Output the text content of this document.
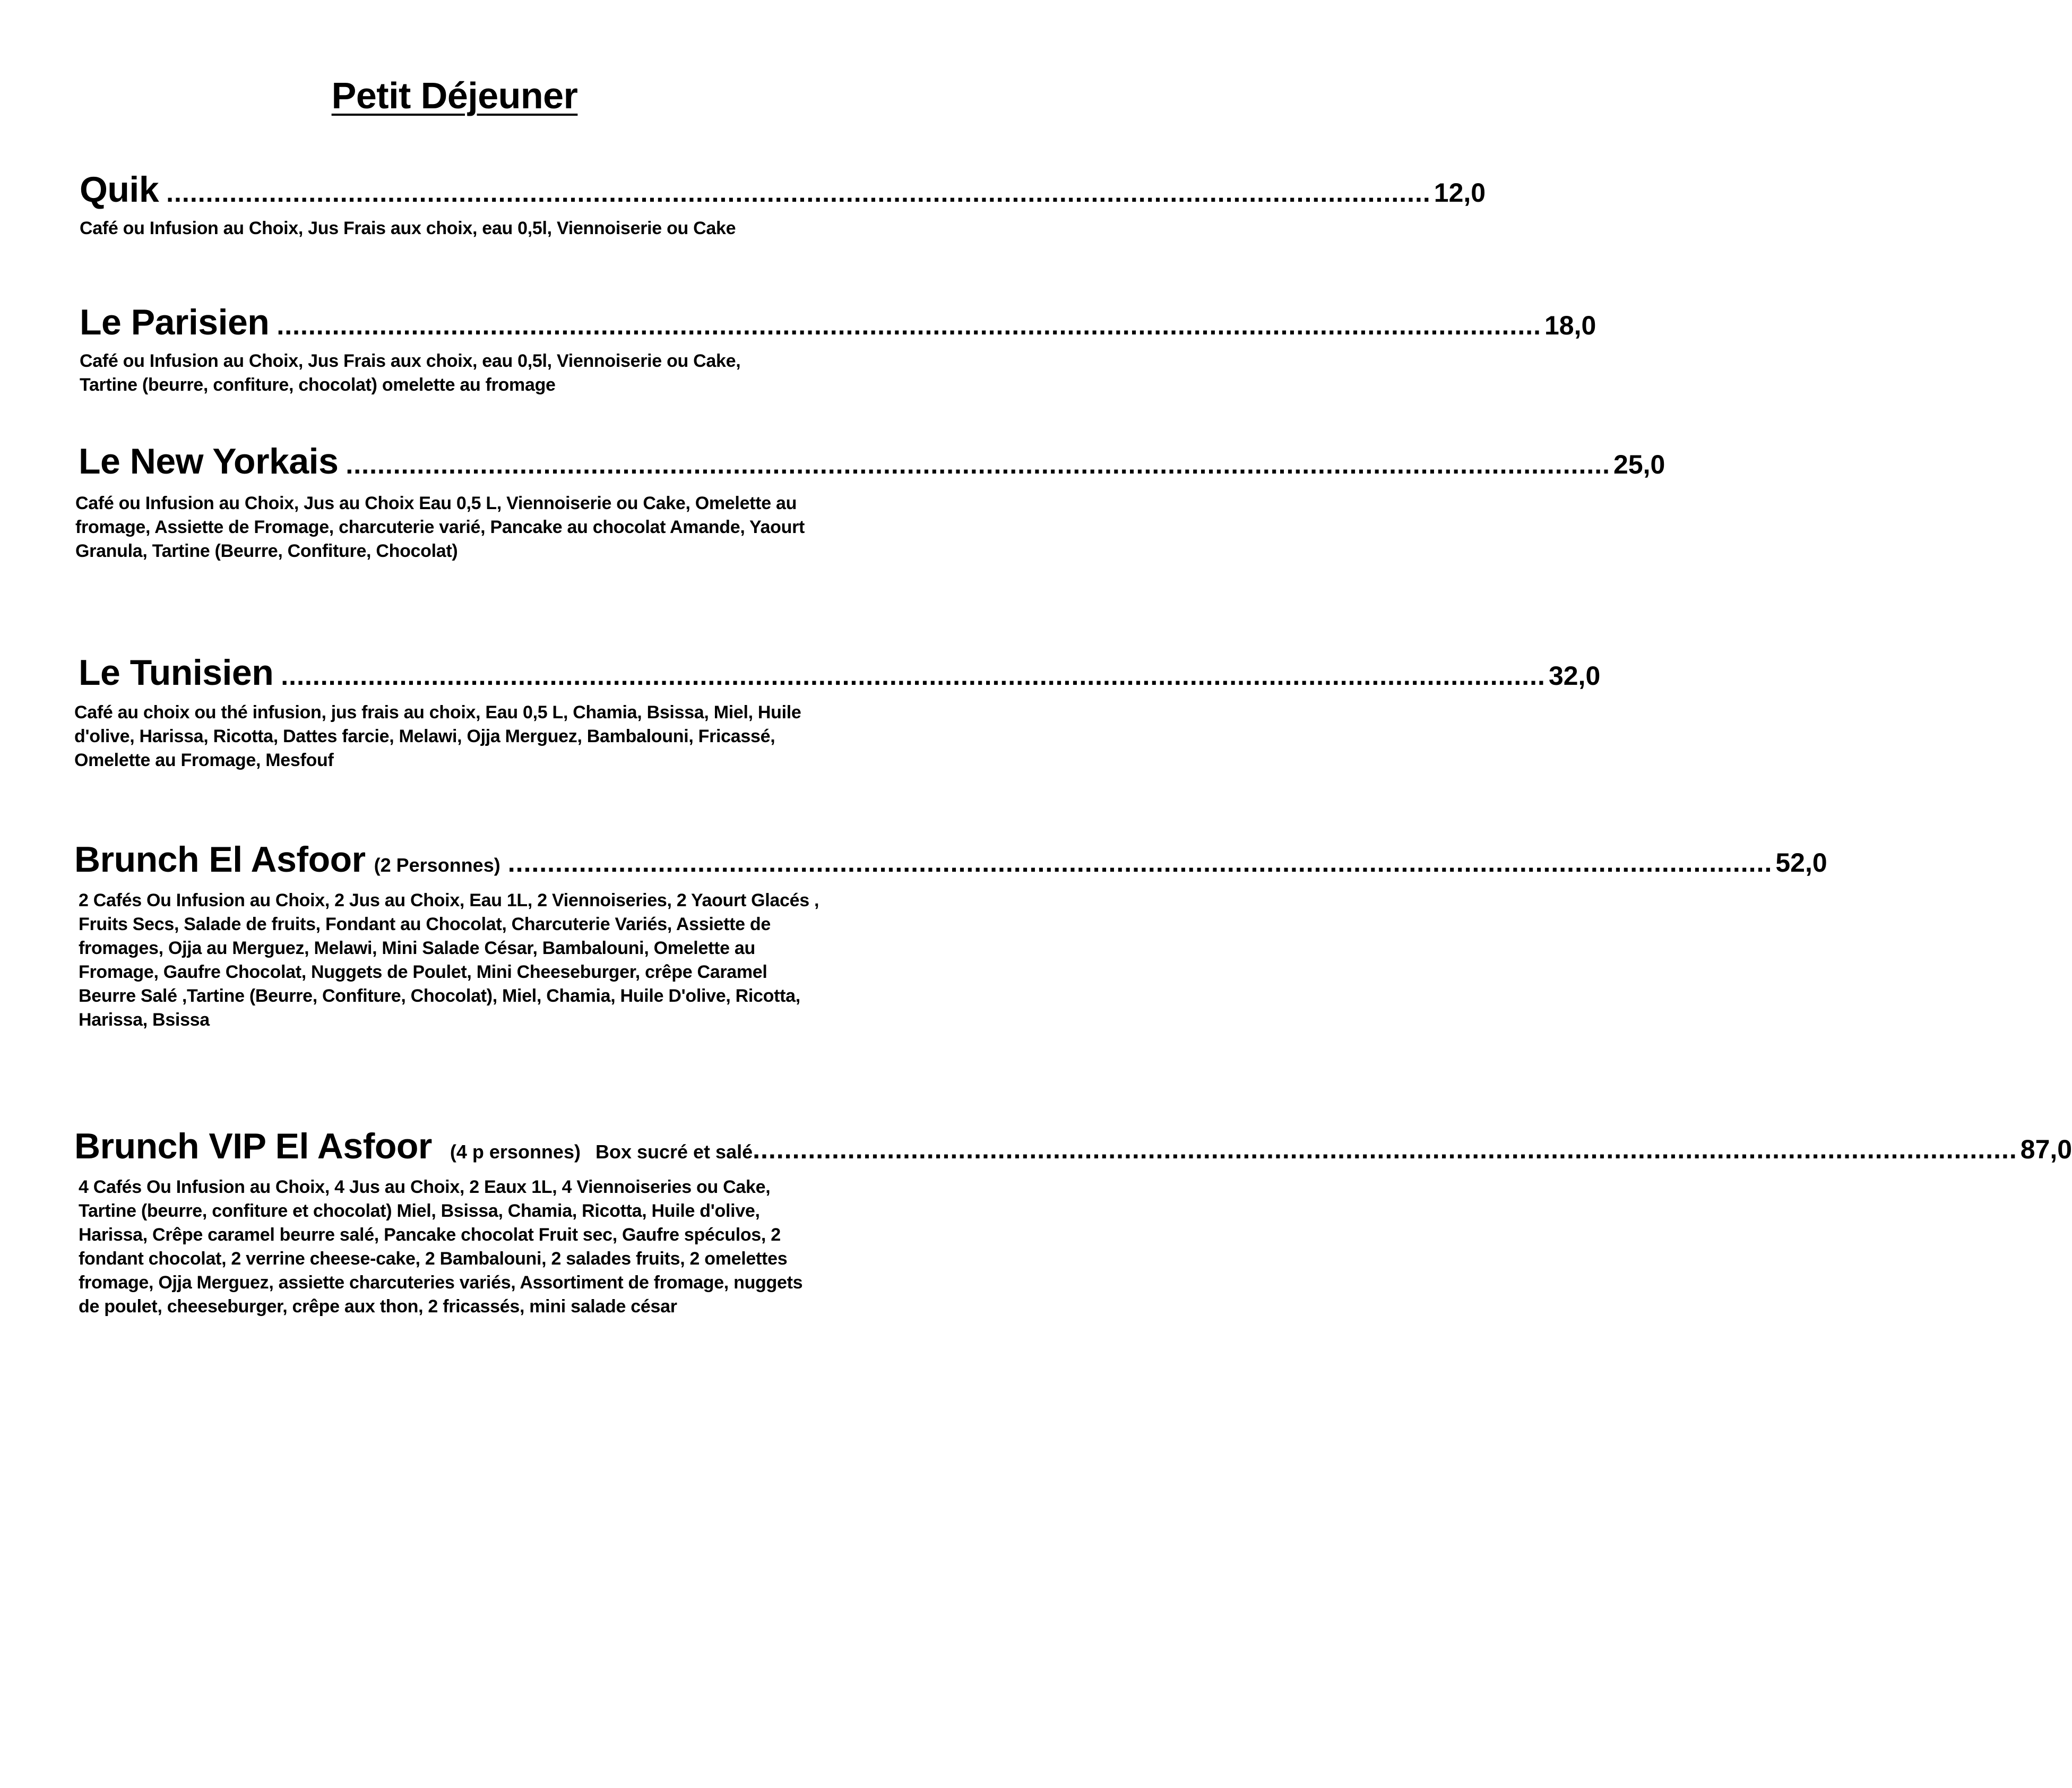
Petit Déjeuner
Quik ................................................................................................................................................................ 12,0
Café ou Infusion au Choix, Jus Frais aux choix, eau 0,5l, Viennoiserie ou Cake
Le Parisien ................................................................................................................................................................ 18,0
Café ou Infusion au Choix, Jus Frais aux choix, eau 0,5l, Viennoiserie ou Cake,
Tartine (beurre, confiture, chocolat) omelette au fromage
Le New Yorkais ................................................................................................................................................................ 25,0
Café ou Infusion au Choix, Jus au Choix Eau 0,5 L, Viennoiserie ou Cake, Omelette au
fromage, Assiette de Fromage, charcuterie varié, Pancake au chocolat Amande, Yaourt
Granula, Tartine (Beurre, Confiture, Chocolat)
Le Tunisien ................................................................................................................................................................ 32,0
Café au choix ou thé infusion, jus frais au choix, Eau 0,5 L, Chamia, Bsissa, Miel, Huile
d'olive, Harissa, Ricotta, Dattes farcie, Melawi, Ojja Merguez, Bambalouni, Fricassé,
Omelette au Fromage, Mesfouf
Brunch El Asfoor (2 Personnes) ................................................................................................................................................................ 52,0
2 Cafés Ou Infusion au Choix, 2 Jus au Choix, Eau 1L, 2 Viennoiseries, 2 Yaourt Glacés ,
Fruits Secs, Salade de fruits, Fondant au Chocolat, Charcuterie Variés, Assiette de
fromages, Ojja au Merguez, Melawi, Mini Salade César, Bambalouni, Omelette au
Fromage, Gaufre Chocolat, Nuggets de Poulet, Mini Cheeseburger, crêpe Caramel
Beurre Salé ,Tartine (Beurre, Confiture, Chocolat), Miel, Chamia, Huile D'olive, Ricotta,
Harissa, Bsissa
Brunch VIP El Asfoor (4 p ersonnes) Box sucré et salé ................................................................................................................................................................ 87,0
4 Cafés Ou Infusion au Choix, 4 Jus au Choix, 2 Eaux 1L, 4 Viennoiseries ou Cake,
Tartine (beurre, confiture et chocolat) Miel, Bsissa, Chamia, Ricotta, Huile d'olive,
Harissa, Crêpe caramel beurre salé, Pancake chocolat Fruit sec, Gaufre spéculos, 2
fondant chocolat, 2 verrine cheese-cake, 2 Bambalouni, 2 salades fruits, 2 omelettes
fromage, Ojja Merguez, assiette charcuteries variés, Assortiment de fromage, nuggets
de poulet, cheeseburger, crêpe aux thon, 2 fricassés, mini salade césar
